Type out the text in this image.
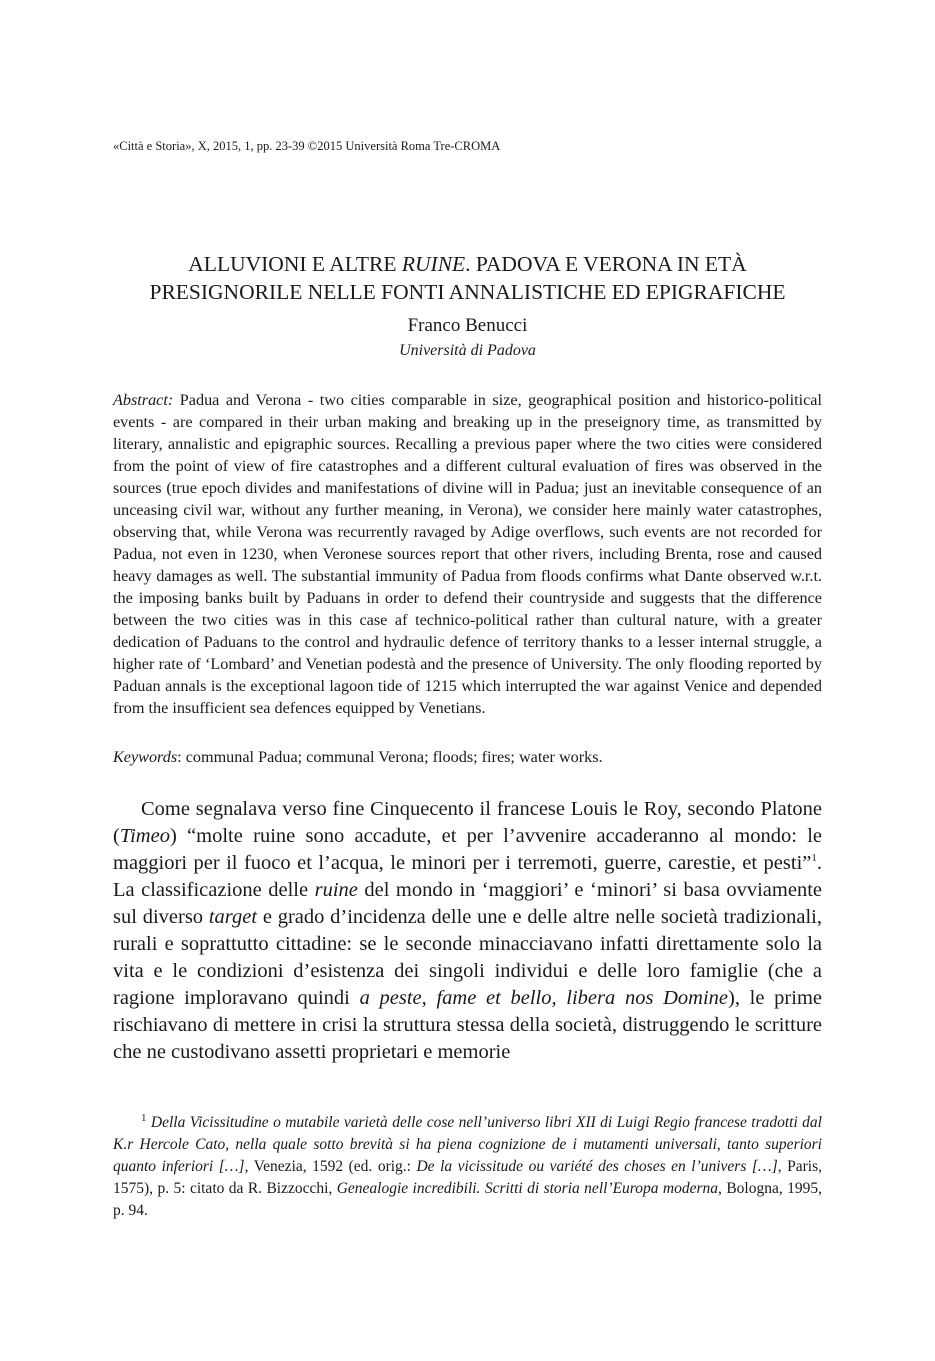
«Città e Storia», X, 2015, 1, pp. 23-39 ©2015 Università Roma Tre-CROMA
ALLUVIONI E ALTRE RUINE. PADOVA E VERONA IN ETÀ
PRESIGNORILE NELLE FONTI ANNALISTICHE ED EPIGRAFICHE
Franco Benucci
Università di Padova

Abstract: Padua and Verona - two cities comparable in size, geographical position and historico-political events - are compared in their urban making and breaking up in the preseignory time, as transmitted by literary, annalistic and epigraphic sources. Recalling a previous paper where the two cities were considered from the point of view of fire catastrophes and a different cultural evaluation of fires was observed in the sources (true epoch divides and manifestations of divine will in Padua; just an inevitable consequence of an unceasing civil war, without any further meaning, in Verona), we consider here mainly water catastrophes, observing that, while Verona was recurrently ravaged by Adige overflows, such events are not recorded for Padua, not even in 1230, when Veronese sources report that other rivers, including Brenta, rose and caused heavy damages as well. The substantial immunity of Padua from floods confirms what Dante observed w.r.t. the imposing banks built by Paduans in order to defend their countryside and suggests that the difference between the two cities was in this case af technico-political rather than cultural nature, with a greater dedication of Paduans to the control and hydraulic defence of territory thanks to a lesser internal struggle, a higher rate of ‘Lombard’ and Venetian podestà and the presence of University. The only flooding reported by Paduan annals is the exceptional lagoon tide of 1215 which interrupted the war against Venice and depended from the insufficient sea defences equipped by Venetians.

Keywords: communal Padua; communal Verona; floods; fires; water works.

Come segnalava verso fine Cinquecento il francese Louis le Roy, secondo Platone (Timeo) “molte ruine sono accadute, et per l’avvenire accaderanno al mondo: le maggiori per il fuoco et l’acqua, le minori per i terremoti, guerre, carestie, et pesti”$^1$. La classificazione delle ruine del mondo in ‘maggiori’ e ‘minori’ si basa ovviamente sul diverso target e grado d’incidenza delle une e delle altre nelle società tradizionali, rurali e soprattutto cittadine: se le seconde minacciavano infatti direttamente solo la vita e le condizioni d’esistenza dei singoli individui e delle loro famiglie (che a ragione imploravano quindi a peste, fame et bello, libera nos Domine), le prime rischiavano di mettere in crisi la struttura stessa della società, distruggendo le scritture che ne custodivano assetti proprietari e memorie

$^1$ Della Vicissitudine o mutabile varietà delle cose nell’universo libri XII di Luigi Regio francese tradotti dal K.r Hercole Cato, nella quale sotto brevità si ha piena cognizione de i mutamenti universali, tanto superiori quanto inferiori […], Venezia, 1592 (ed. orig.: De la vicissitude ou variété des choses en l’univers […], Paris, 1575), p. 5: citato da R. Bizzocchi, Genealogie incredibili. Scritti di storia nell’Europa moderna, Bologna, 1995, p. 94.
